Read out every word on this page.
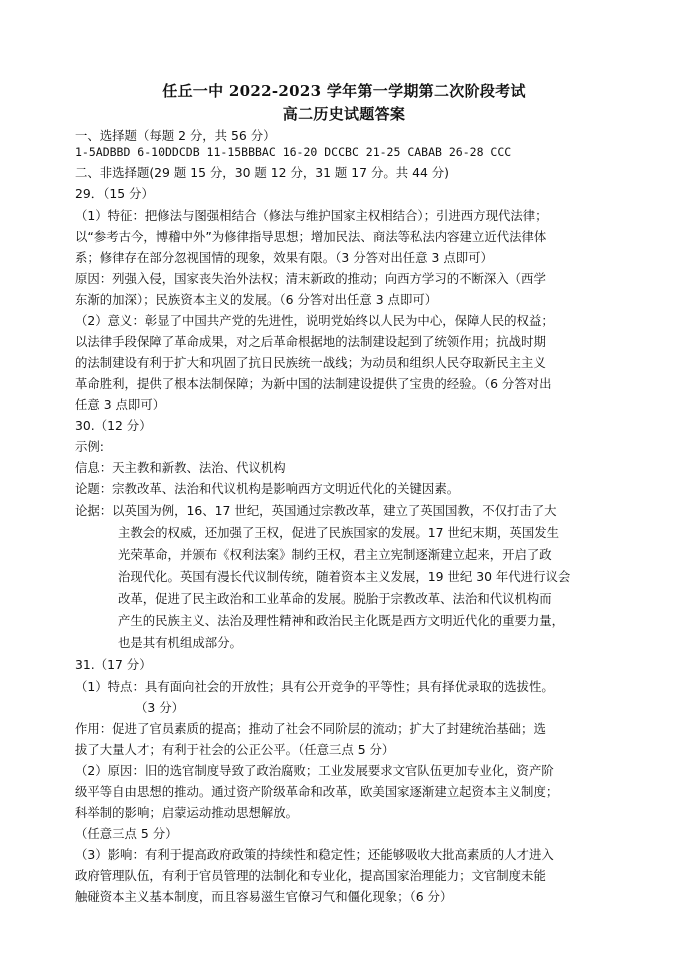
任丘一中 2022-2023 学年第一学期第二次阶段考试
高二历史试题答案
一、选择题（每题 2 分，共 56 分）
1-5ADBBD 6-10DDCDB 11-15BBBAC 16-20 DCCBC 21-25 CABAB 26-28 CCC
二、非选择题(29 题 15 分，30 题 12 分，31 题 17 分。共 44 分)
29．（15 分）
（1）特征：把修法与图强相结合（修法与维护国家主权相结合）；引进西方现代法律；
以“参考古今，博稽中外”为修律指导思想；增加民法、商法等私法内容建立近代法律体
系；修律存在部分忽视国情的现象，效果有限。（3 分答对出任意 3 点即可）
原因：列强入侵，国家丧失治外法权；清末新政的推动；向西方学习的不断深入（西学
东渐的加深）；民族资本主义的发展。（6 分答对出任意 3 点即可）
（2）意义：彰显了中国共产党的先进性，说明党始终以人民为中心，保障人民的权益；
以法律手段保障了革命成果，对之后革命根据地的法制建设起到了统领作用；抗战时期
的法制建设有利于扩大和巩固了抗日民族统一战线；为动员和组织人民夺取新民主主义
革命胜利，提供了根本法制保障；为新中国的法制建设提供了宝贵的经验。（6 分答对出
任意 3 点即可）
30.（12 分）
示例:
信息：天主教和新教、法治、代议机构
论题：宗教改革、法治和代议机构是影响西方文明近代化的关键因素。
论据：以英国为例，16、17 世纪，英国通过宗教改革，建立了英国国教，不仅打击了大
主教会的权威，还加强了王权，促进了民族国家的发展。17 世纪末期，英国发生
光荣革命，并颁布《权利法案》制约王权，君主立宪制逐渐建立起来，开启了政
治现代化。英国有漫长代议制传统，随着资本主义发展，19 世纪 30 年代进行议会
改革，促进了民主政治和工业革命的发展。脱胎于宗教改革、法治和代议机构而
产生的民族主义、法治及理性精神和政治民主化既是西方文明近代化的重要力量，
也是其有机组成部分。
31.（17 分）
（1）特点：具有面向社会的开放性；具有公开竞争的平等性；具有择优录取的选拔性。
（3 分）
作用：促进了官员素质的提高；推动了社会不同阶层的流动；扩大了封建统治基础；选
拔了大量人才；有利于社会的公正公平。（任意三点 5 分）
（2）原因：旧的选官制度导致了政治腐败；工业发展要求文官队伍更加专业化，资产阶
级平等自由思想的推动。通过资产阶级革命和改革，欧美国家逐渐建立起资本主义制度；
科举制的影响；启蒙运动推动思想解放。
（任意三点 5 分）
（3）影响：有利于提高政府政策的持续性和稳定性；还能够吸收大批高素质的人才进入
政府管理队伍，有利于官员管理的法制化和专业化，提高国家治理能力；文官制度未能
触碰资本主义基本制度，而且容易滋生官僚习气和僵化现象；（6 分）
